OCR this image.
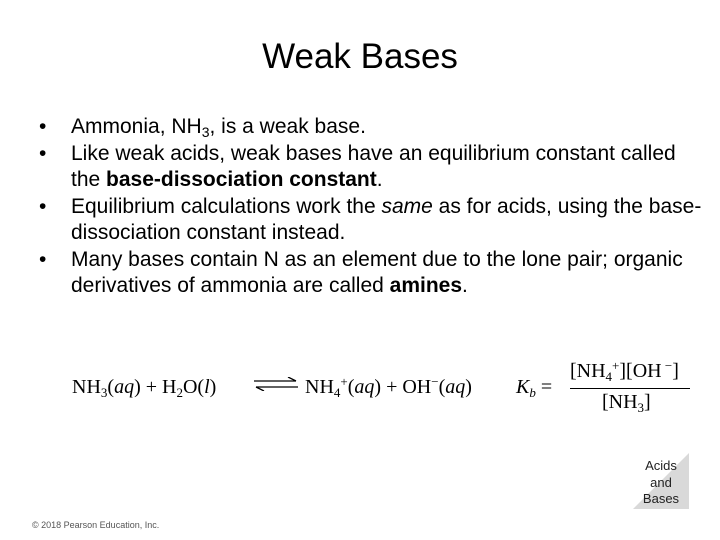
Weak Bases
• Ammonia, $NH_3$, is a weak base.
• Like weak acids, weak bases have an equilibrium constant called the base-dissociation constant.
• Equilibrium calculations work the same as for acids, using the base-dissociation constant instead.
• Many bases contain N as an element due to the lone pair; organic derivatives of ammonia are called amines.
$NH_3(aq) + H_2O(l)$ ⇌ $NH_4^+(aq) + OH^-(aq) K_b$ =
$[NH_4^+][OH$ −]
$[NH_3]$
© 2018 Pearson Education, Inc.
Acids
and
Bases
